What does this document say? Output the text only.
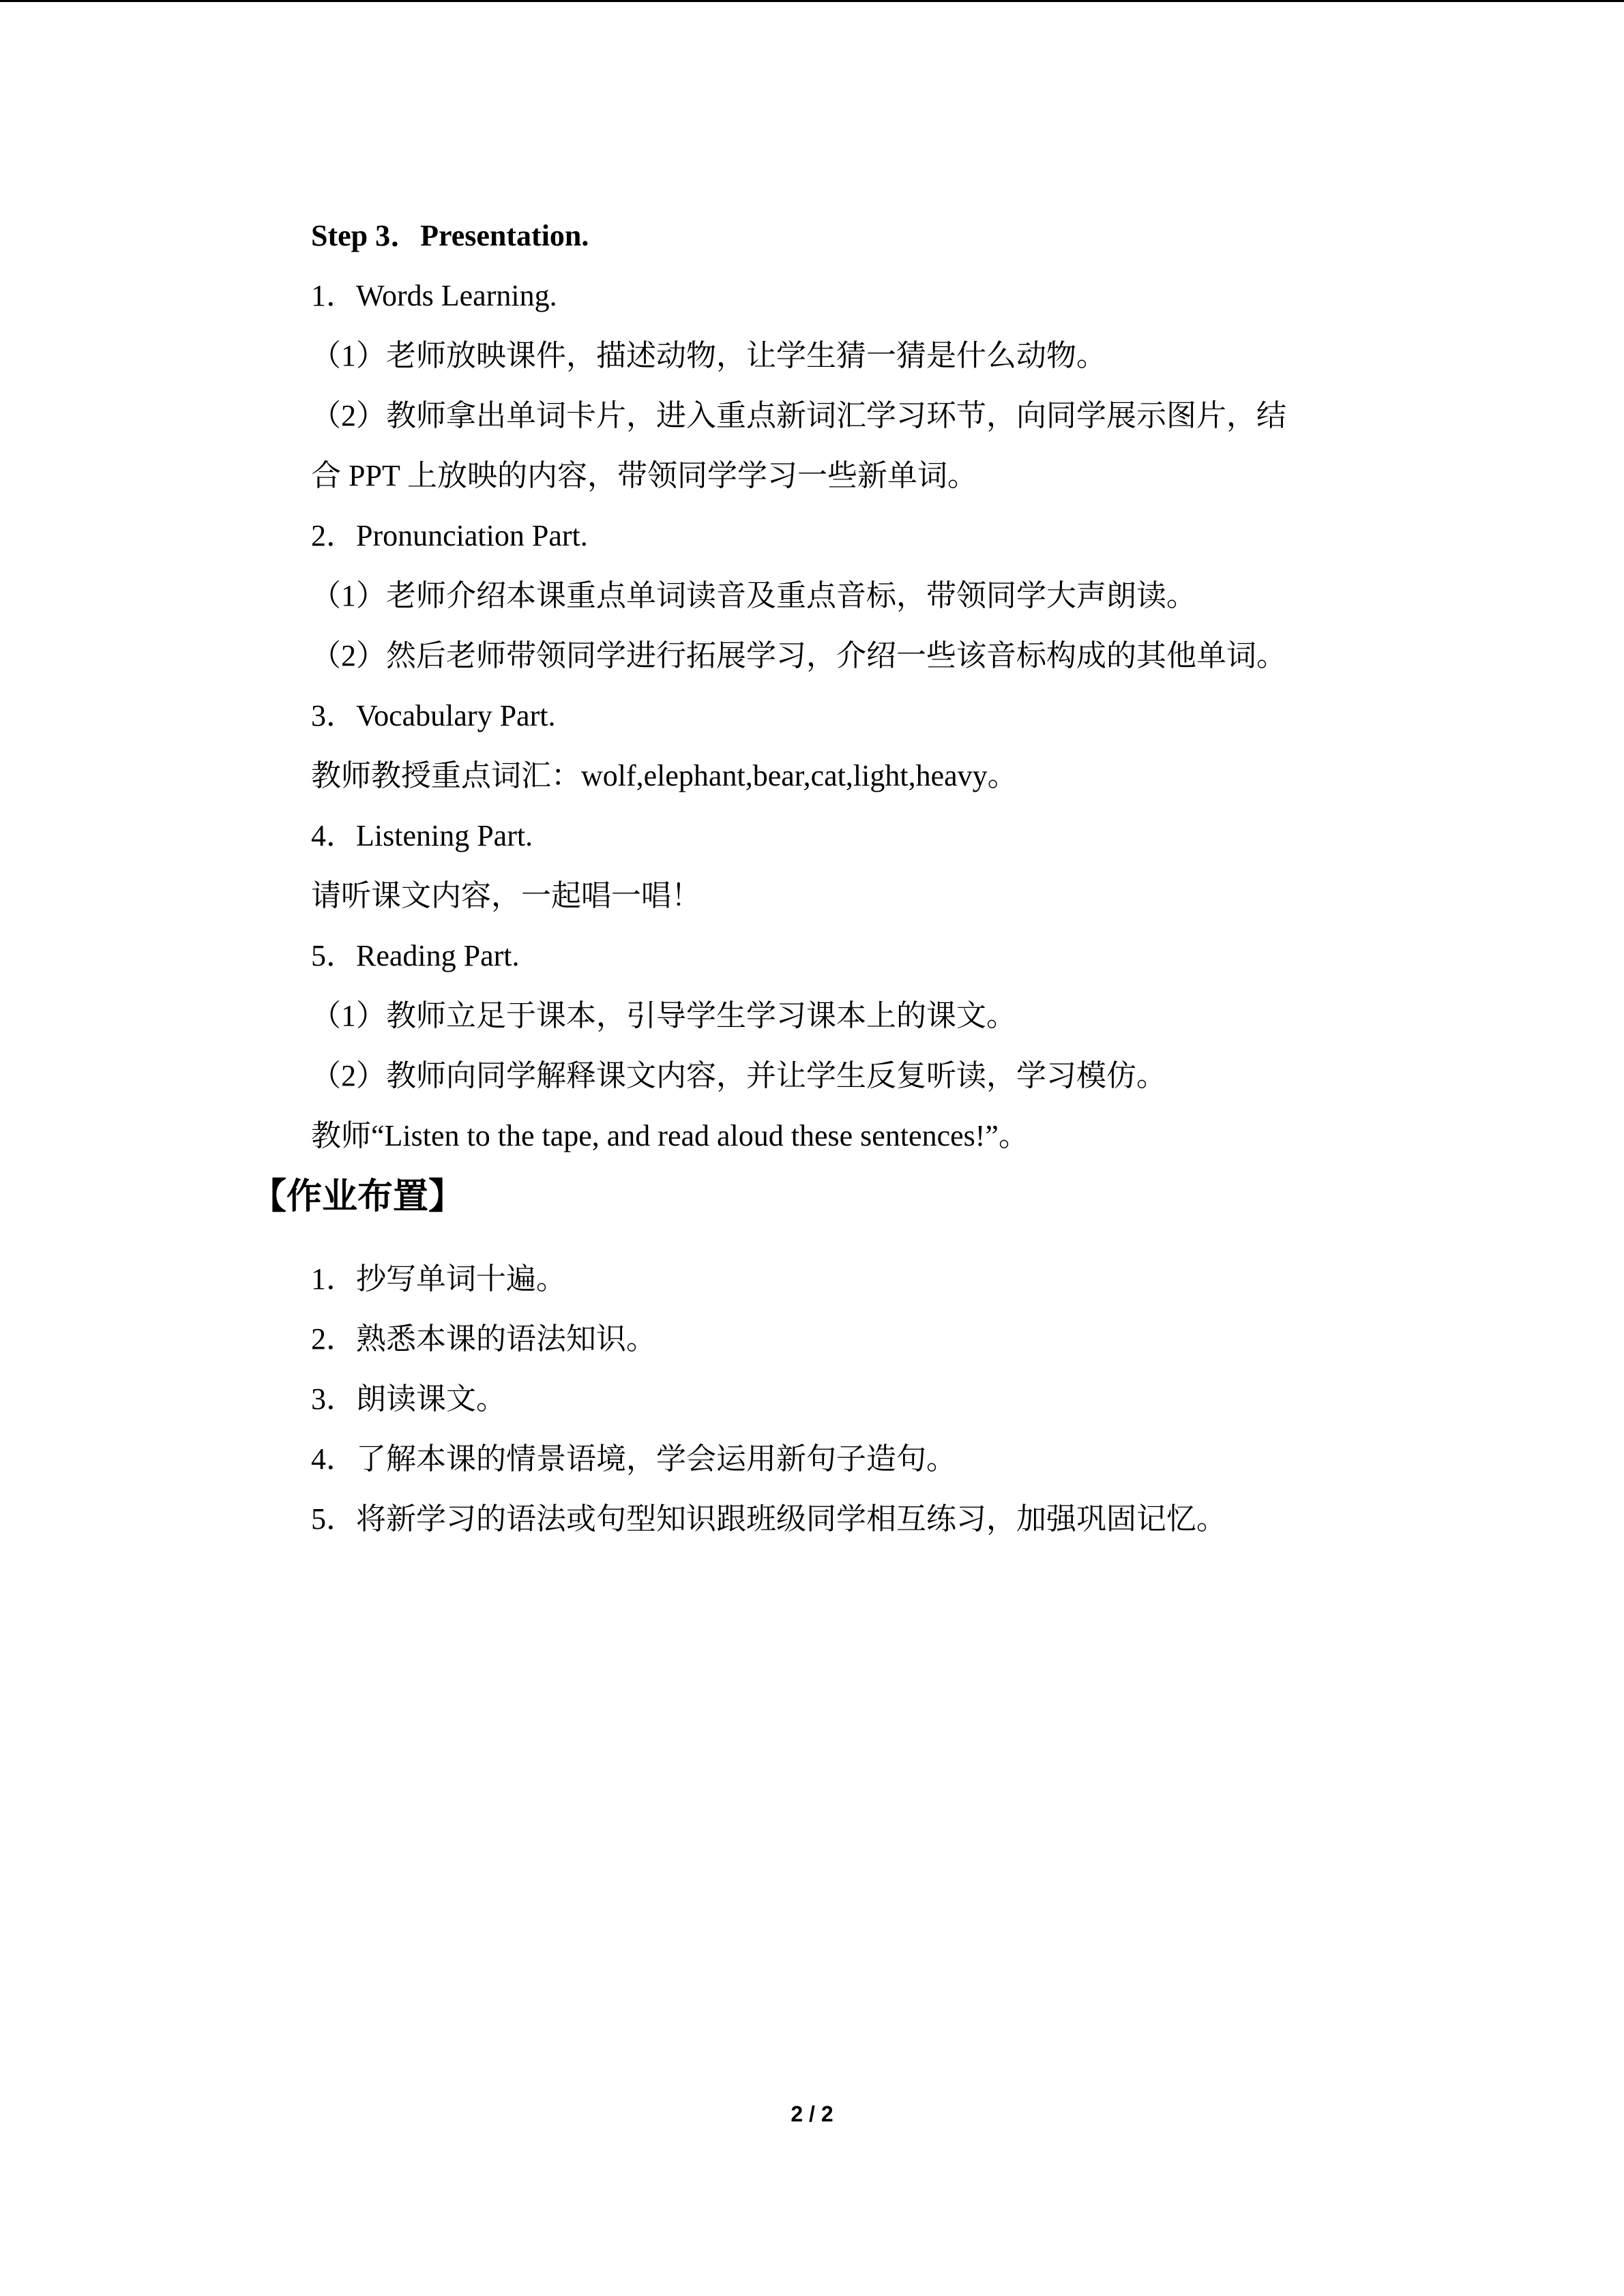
Step 3．Presentation.
1．Words Learning.
（1）老师放映课件，描述动物，让学生猜一猜是什么动物。
（2）教师拿出单词卡片，进入重点新词汇学习环节，向同学展示图片，结
合 PPT 上放映的内容，带领同学学习一些新单词。
2．Pronunciation Part.
（1）老师介绍本课重点单词读音及重点音标，带领同学大声朗读。
（2）然后老师带领同学进行拓展学习，介绍一些该音标构成的其他单词。
3．Vocabulary Part.
教师教授重点词汇：wolf,elephant,bear,cat,light,heavy。
4．Listening Part.
请听课文内容，一起唱一唱！
5．Reading Part.
（1）教师立足于课本，引导学生学习课本上的课文。
（2）教师向同学解释课文内容，并让学生反复听读，学习模仿。
教师“Listen to the tape, and read aloud these sentences!”。
【作业布置】
1．抄写单词十遍。
2．熟悉本课的语法知识。
3．朗读课文。
4．了解本课的情景语境，学会运用新句子造句。
5．将新学习的语法或句型知识跟班级同学相互练习，加强巩固记忆。
2 / 2
